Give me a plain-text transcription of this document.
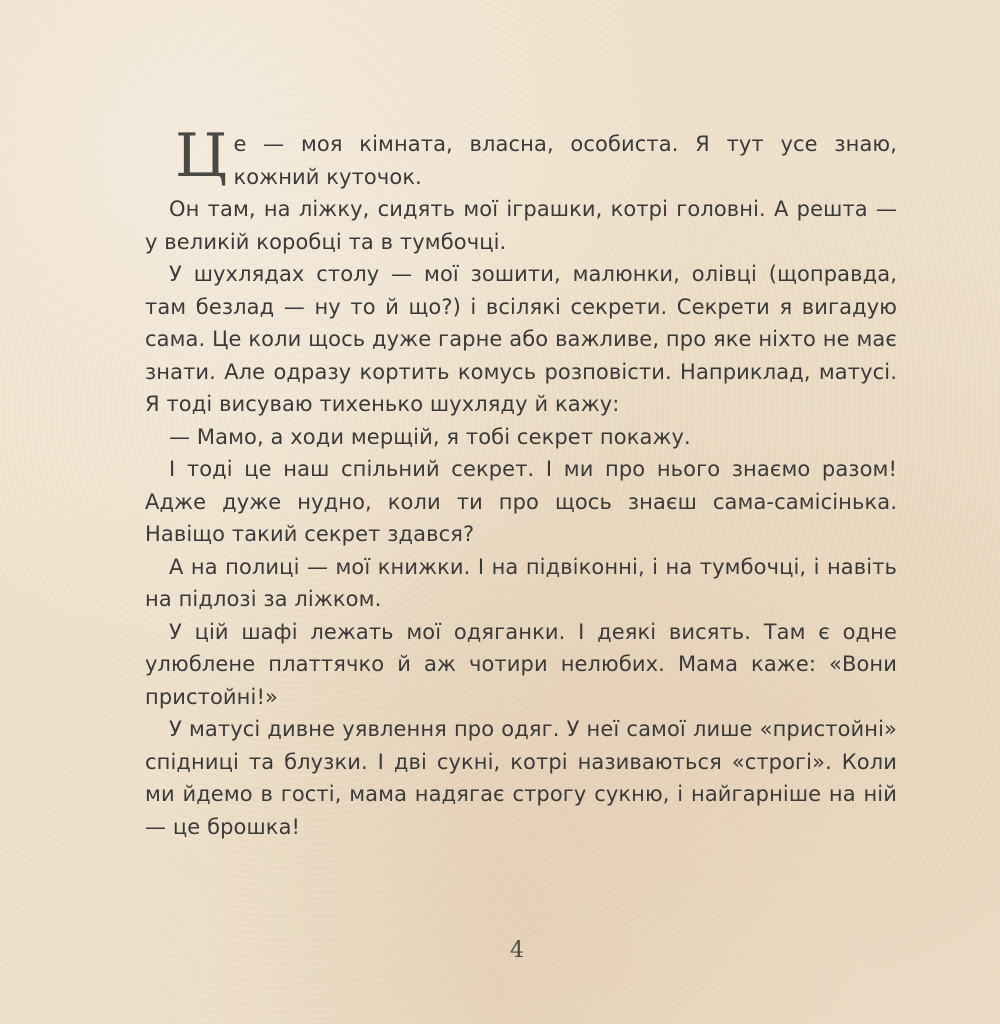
Це — моя кімната, власна, особиста. Я тут усе знаю, кожний куточок.

Он там, на ліжку, сидять мої іграшки, котрі головні. А решта — у великій коробці та в тумбочці.

У шухлядах столу — мої зошити, малюнки, олівці (щоправда, там безлад — ну то й що?) і всілякі секрети. Секрети я вигадую сама. Це коли щось дуже гарне або важливе, про яке ніхто не має знати. Але одразу кортить комусь розповісти. Наприклад, матусі. Я тоді висуваю тихенько шухляду й кажу:

— Мамо, а ходи мерщій, я тобі секрет покажу.

І тоді це наш спільний секрет. І ми про нього знаємо разом! Адже дуже нудно, коли ти про щось знаєш сама-самісінька. Навіщо такий секрет здався?

А на полиці — мої книжки. І на підвіконні, і на тумбочці, і навіть на підлозі за ліжком.

У цій шафі лежать мої одяганки. І деякі висять. Там є одне улюблене платтячко й аж чотири нелюбих. Мама каже: «Вони пристойні!»

У матусі дивне уявлення про одяг. У неї самої лише «пристойні» спідниці та блузки. І дві сукні, котрі називаються «строгі». Коли ми йдемо в гості, мама надягає строгу сукню, і найгарніше на ній — це брошка!

4
